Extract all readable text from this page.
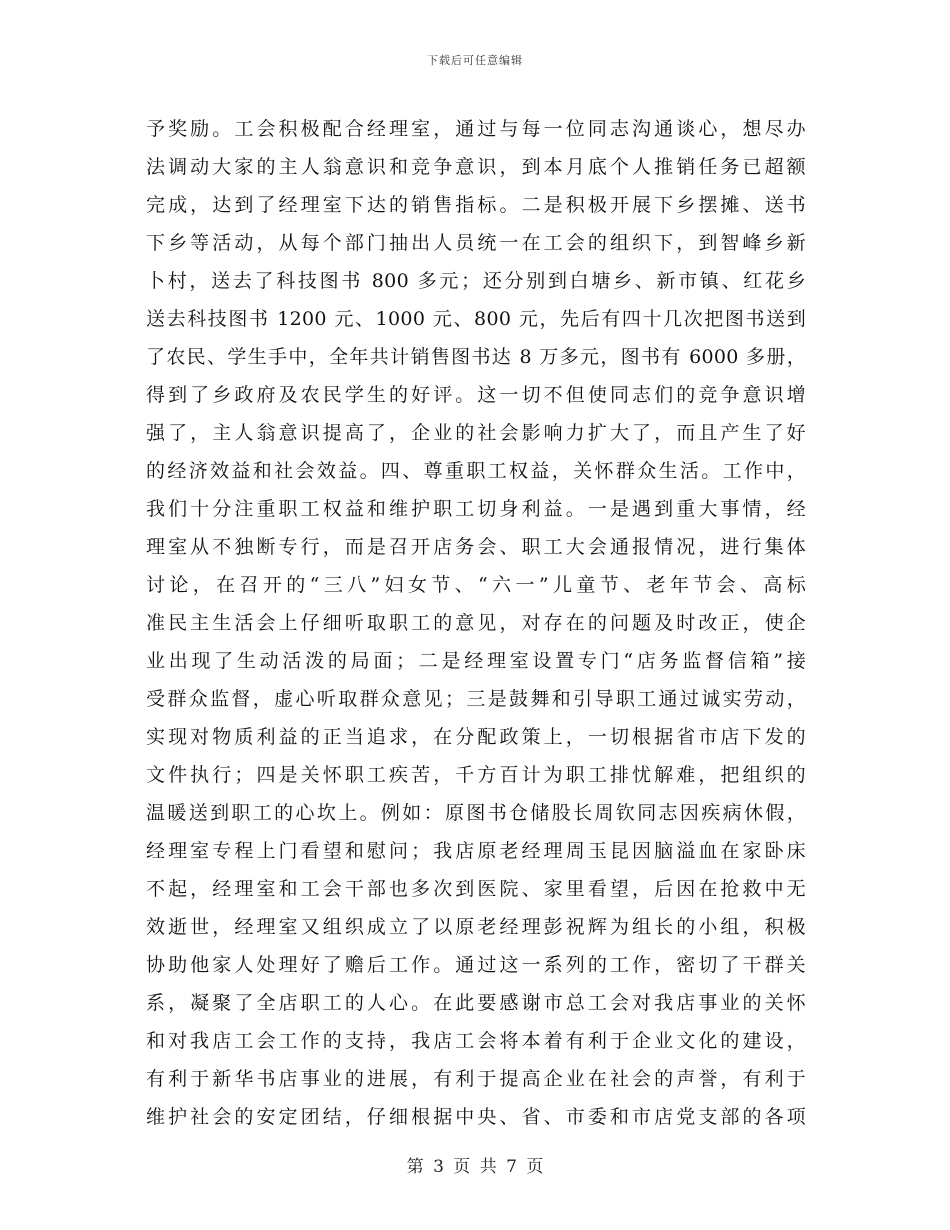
下载后可任意编辑
予奖励。工会积极配合经理室，通过与每一位同志沟通谈心，想尽办
法调动大家的主人翁意识和竞争意识，到本月底个人推销任务已超额
完成，达到了经理室下达的销售指标。二是积极开展下乡摆摊、送书
下乡等活动，从每个部门抽出人员统一在工会的组织下，到智峰乡新
卜村，送去了科技图书 800 多元；还分别到白塘乡、新市镇、红花乡
送去科技图书 1200 元、1000 元、800 元，先后有四十几次把图书送到
了农民、学生手中，全年共计销售图书达 8 万多元，图书有 6000 多册，
得到了乡政府及农民学生的好评。这一切不但使同志们的竞争意识增
强了，主人翁意识提高了，企业的社会影响力扩大了，而且产生了好
的经济效益和社会效益。四、尊重职工权益，关怀群众生活。工作中，
我们十分注重职工权益和维护职工切身利益。一是遇到重大事情，经
理室从不独断专行，而是召开店务会、职工大会通报情况，进行集体
讨论，在召开的“三八”妇女节、“六一”儿童节、老年节会、高标
准民主生活会上仔细听取职工的意见，对存在的问题及时改正，使企
业出现了生动活泼的局面；二是经理室设置专门“店务监督信箱”接
受群众监督，虚心听取群众意见；三是鼓舞和引导职工通过诚实劳动，
实现对物质利益的正当追求，在分配政策上，一切根据省市店下发的
文件执行；四是关怀职工疾苦，千方百计为职工排忧解难，把组织的
温暖送到职工的心坎上。例如：原图书仓储股长周钦同志因疾病休假，
经理室专程上门看望和慰问；我店原老经理周玉昆因脑溢血在家卧床
不起，经理室和工会干部也多次到医院、家里看望，后因在抢救中无
效逝世，经理室又组织成立了以原老经理彭祝辉为组长的小组，积极
协助他家人处理好了赡后工作。通过这一系列的工作，密切了干群关
系，凝聚了全店职工的人心。在此要感谢市总工会对我店事业的关怀
和对我店工会工作的支持，我店工会将本着有利于企业文化的建设，
有利于新华书店事业的进展，有利于提高企业在社会的声誉，有利于
维护社会的安定团结，仔细根据中央、省、市委和市店党支部的各项
第 3 页 共 7 页
